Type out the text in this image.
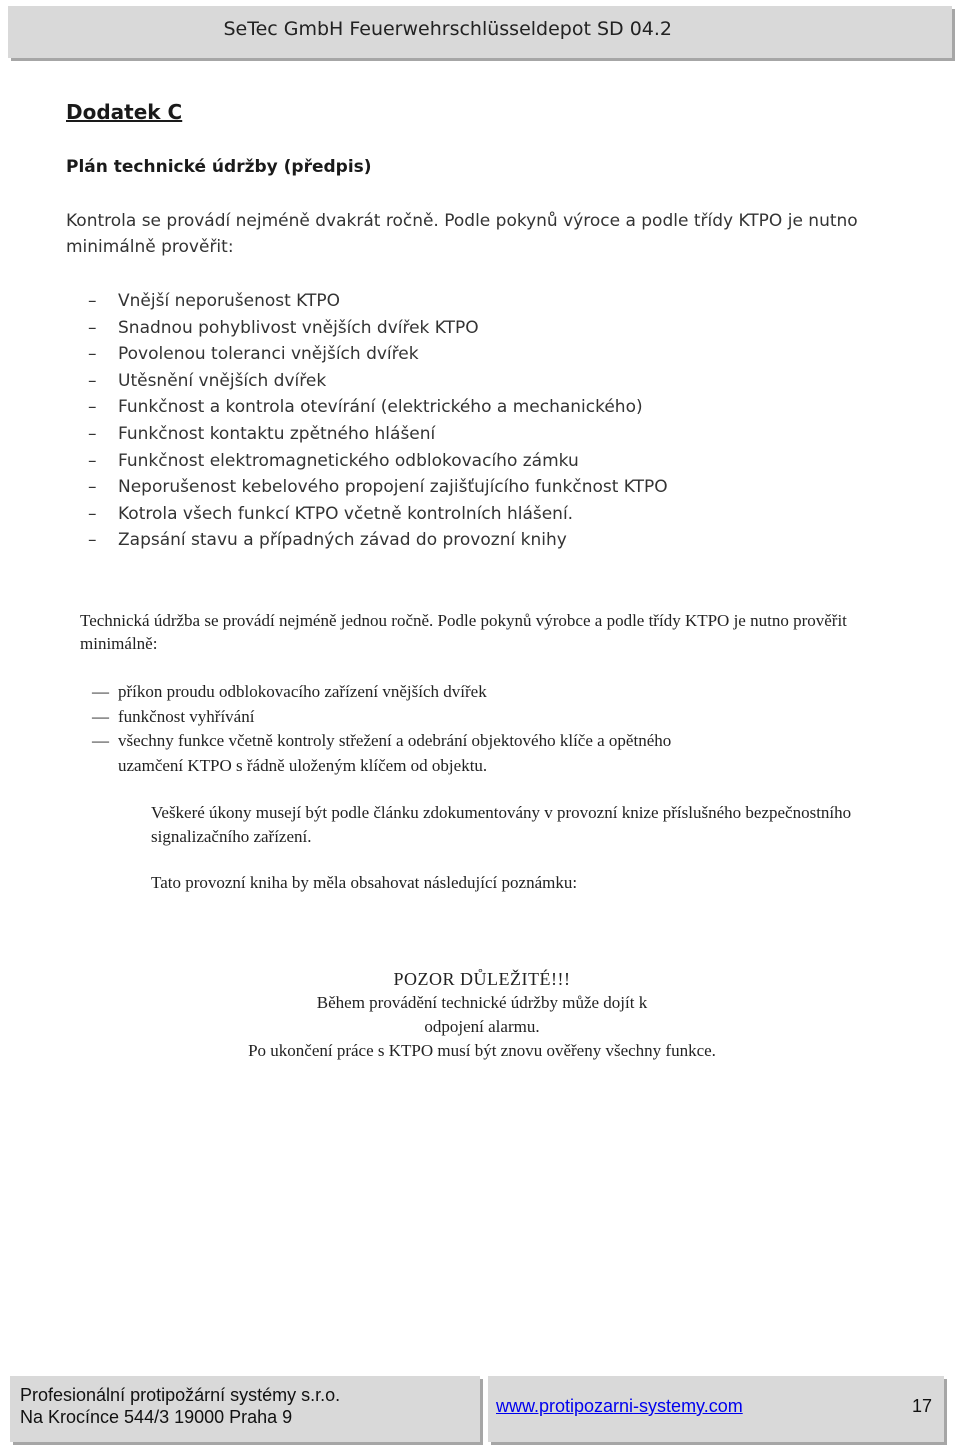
SeTec GmbH Feuerwehrschlüsseldepot SD 04.2
Dodatek C
Plán technické údržby (předpis)
Kontrola se provádí nejméně dvakrát ročně. Podle pokynů výroce a podle třídy KTPO je nutno minimálně prověřit:
– Vnější neporušenost KTPO
– Snadnou pohyblivost vnějších dvířek KTPO
– Povolenou toleranci vnějších dvířek
– Utěsnění vnějších dvířek
– Funkčnost a kontrola otevírání (elektrického a mechanického)
– Funkčnost kontaktu zpětného hlášení
– Funkčnost elektromagnetického odblokovacího zámku
– Neporušenost kebelového propojení zajišťujícího funkčnost KTPO
– Kotrola všech funkcí KTPO včetně kontrolních hlášení.
– Zapsání stavu a případných závad do provozní knihy
Technická údržba se provádí nejméně jednou ročně. Podle pokynů výrobce a podle třídy KTPO je nutno prověřit minimálně:
— příkon proudu odblokovacího zařízení vnějších dvířek
— funkčnost vyhřívání
— všechny funkce včetně kontroly střežení a odebrání objektového klíče a opětného
uzamčení KTPO s řádně uloženým klíčem od objektu.
Veškeré úkony musejí být podle článku zdokumentovány v provozní knize příslušného bezpečnostního signalizačního zařízení.
Tato provozní kniha by měla obsahovat následující poznámku:
POZOR DŮLEŽITÉ!!!
Během provádění technické údržby může dojít k
odpojení alarmu.
Po ukončení práce s KTPO musí být znovu ověřeny všechny funkce.
Profesionální protipožární systémy s.r.o.
Na Krocínce 544/3 19000 Praha 9
www.protipozarni-systemy.com	17
